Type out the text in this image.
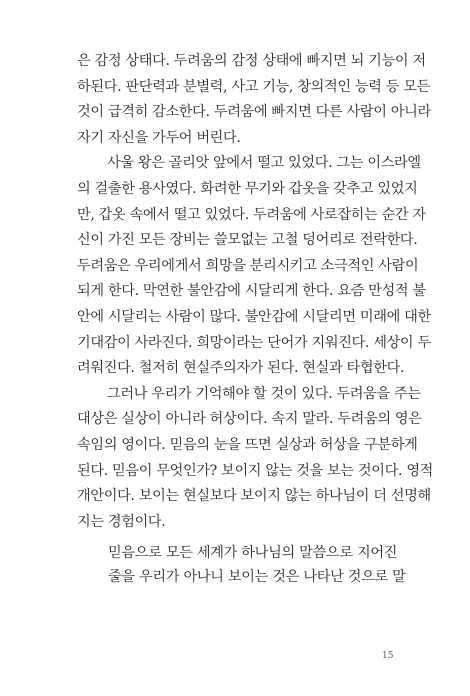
은 감정 상태다. 두려움의 감정 상태에 빠지면 뇌 기능이 저
하된다. 판단력과 분별력, 사고 기능, 창의적인 능력 등 모든
것이 급격히 감소한다. 두려움에 빠지면 다른 사람이 아니라
자기 자신을 가두어 버린다.
사울 왕은 골리앗 앞에서 떨고 있었다. 그는 이스라엘
의 걸출한 용사였다. 화려한 무기와 갑옷을 갖추고 있었지
만, 갑옷 속에서 떨고 있었다. 두려움에 사로잡히는 순간 자
신이 가진 모든 장비는 쓸모없는 고철 덩어리로 전락한다.
두려움은 우리에게서 희망을 분리시키고 소극적인 사람이
되게 한다. 막연한 불안감에 시달리게 한다. 요즘 만성적 불
안에 시달리는 사람이 많다. 불안감에 시달리면 미래에 대한
기대감이 사라진다. 희망이라는 단어가 지워진다. 세상이 두
려워진다. 철저히 현실주의자가 된다. 현실과 타협한다.
그러나 우리가 기억해야 할 것이 있다. 두려움을 주는
대상은 실상이 아니라 허상이다. 속지 말라. 두려움의 영은
속임의 영이다. 믿음의 눈을 뜨면 실상과 허상을 구분하게
된다. 믿음이 무엇인가? 보이지 않는 것을 보는 것이다. 영적
개안이다. 보이는 현실보다 보이지 않는 하나님이 더 선명해
지는 경험이다.
믿음으로 모든 세계가 하나님의 말씀으로 지어진
줄을 우리가 아나니 보이는 것은 나타난 것으로 말
15
